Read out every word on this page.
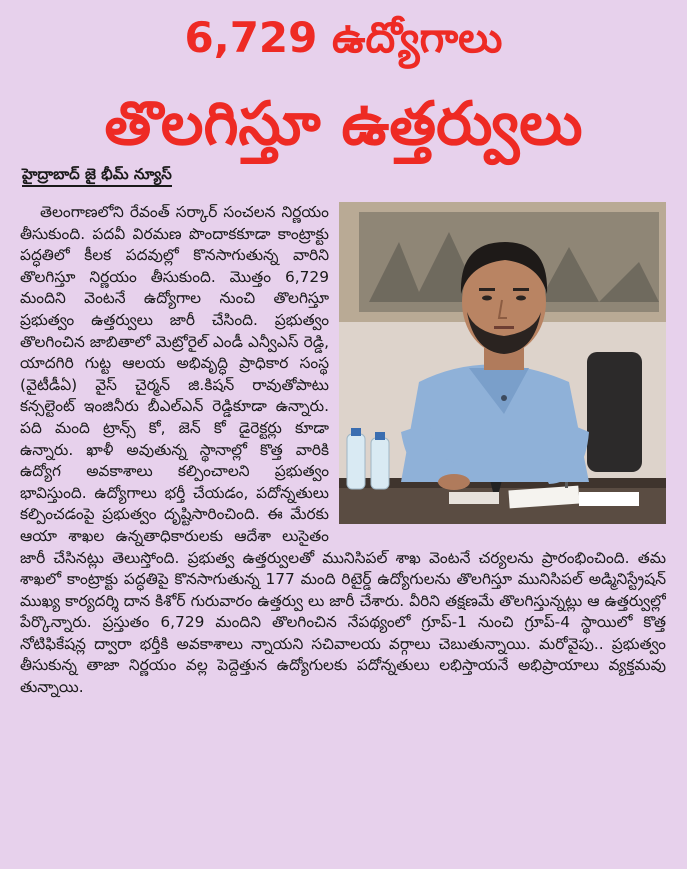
6,729 ఉద్యోగాలు
తొలగిస్తూ ఉత్తర్వులు
హైద్రాబాద్ జై భీమ్ న్యూస్

తెలంగాణలోని రేవంత్ సర్కార్ సంచలన నిర్ణయం తీసుకుంది. పదవీ విరమణ పొందాకకూడా కాంట్రాక్టు పద్ధతిలో కీలక పదవుల్లో కొనసాగుతున్న వారిని తొలగిస్తూ నిర్ణయం తీసుకుంది. మొత్తం 6,729 మందిని వెంటనే ఉద్యోగాల నుంచి తొలగిస్తూ ప్రభుత్వం ఉత్తర్వులు జారీ చేసింది. ప్రభుత్వం తొలగించిన జాబితాలో మెట్రోరైల్ ఎండీ ఎన్వీఎస్ రెడ్డి, యాదగిరి గుట్ట ఆలయ అభివృద్ధి ప్రాధికార సంస్థ (వైటీడీఏ) వైస్ చైర్మన్ జి.కిషన్ రావుతోపాటు కన్సల్టెంట్ ఇంజినీరు బీఎల్ఎన్ రెడ్డికూడా ఉన్నారు. పది మంది ట్రాన్స్ కో, జెన్ కో డైరెక్టర్లు కూడా ఉన్నారు. ఖాళీ అవుతున్న స్థానాల్లో కొత్త వారికి ఉద్యోగ అవకాశాలు కల్పించాలని ప్రభుత్వం భావిస్తుంది. ఉద్యోగాలు భర్తీ చేయడం, పదోన్నతులు కల్పించడంపై ప్రభుత్వం దృష్టిసారించింది. ఈ మేరకు ఆయా శాఖల ఉన్నతాధికారులకు ఆదేశా లుసైతం జారీ చేసినట్లు తెలుస్తోంది. ప్రభుత్వ ఉత్తర్వులతో మునిసిపల్ శాఖ వెంటనే చర్యలను ప్రారంభించింది. తమ శాఖలో కాంట్రాక్టు పద్ధతిపై కొనసాగుతున్న 177 మంది రిటైర్డ్ ఉద్యోగులను తొలగిస్తూ మునిసిపల్ అడ్మినిస్ట్రేషన్ ముఖ్య కార్యదర్శి దాన కిశోర్ గురువారం ఉత్తర్వు లు జారీ చేశారు. వీరిని తక్షణమే తొలగిస్తున్నట్లు ఆ ఉత్తర్వుల్లో పేర్కొన్నారు. ప్రస్తుతం 6,729 మందిని తొలగించిన నేపథ్యంలో గ్రూప్-1 నుంచి గ్రూప్-4 స్థాయిలో కొత్త నోటిఫికేషన్ల ద్వారా భర్తీకి అవకాశాలు న్నాయని సచివాలయ వర్గాలు చెబుతున్నాయి. మరోవైపు.. ప్రభుత్వం తీసుకున్న తాజా నిర్ణయం వల్ల పెద్దెత్తున ఉద్యోగులకు పదోన్నతులు లభిస్తాయనే అభిప్రాయాలు వ్యక్తమవు తున్నాయి.
